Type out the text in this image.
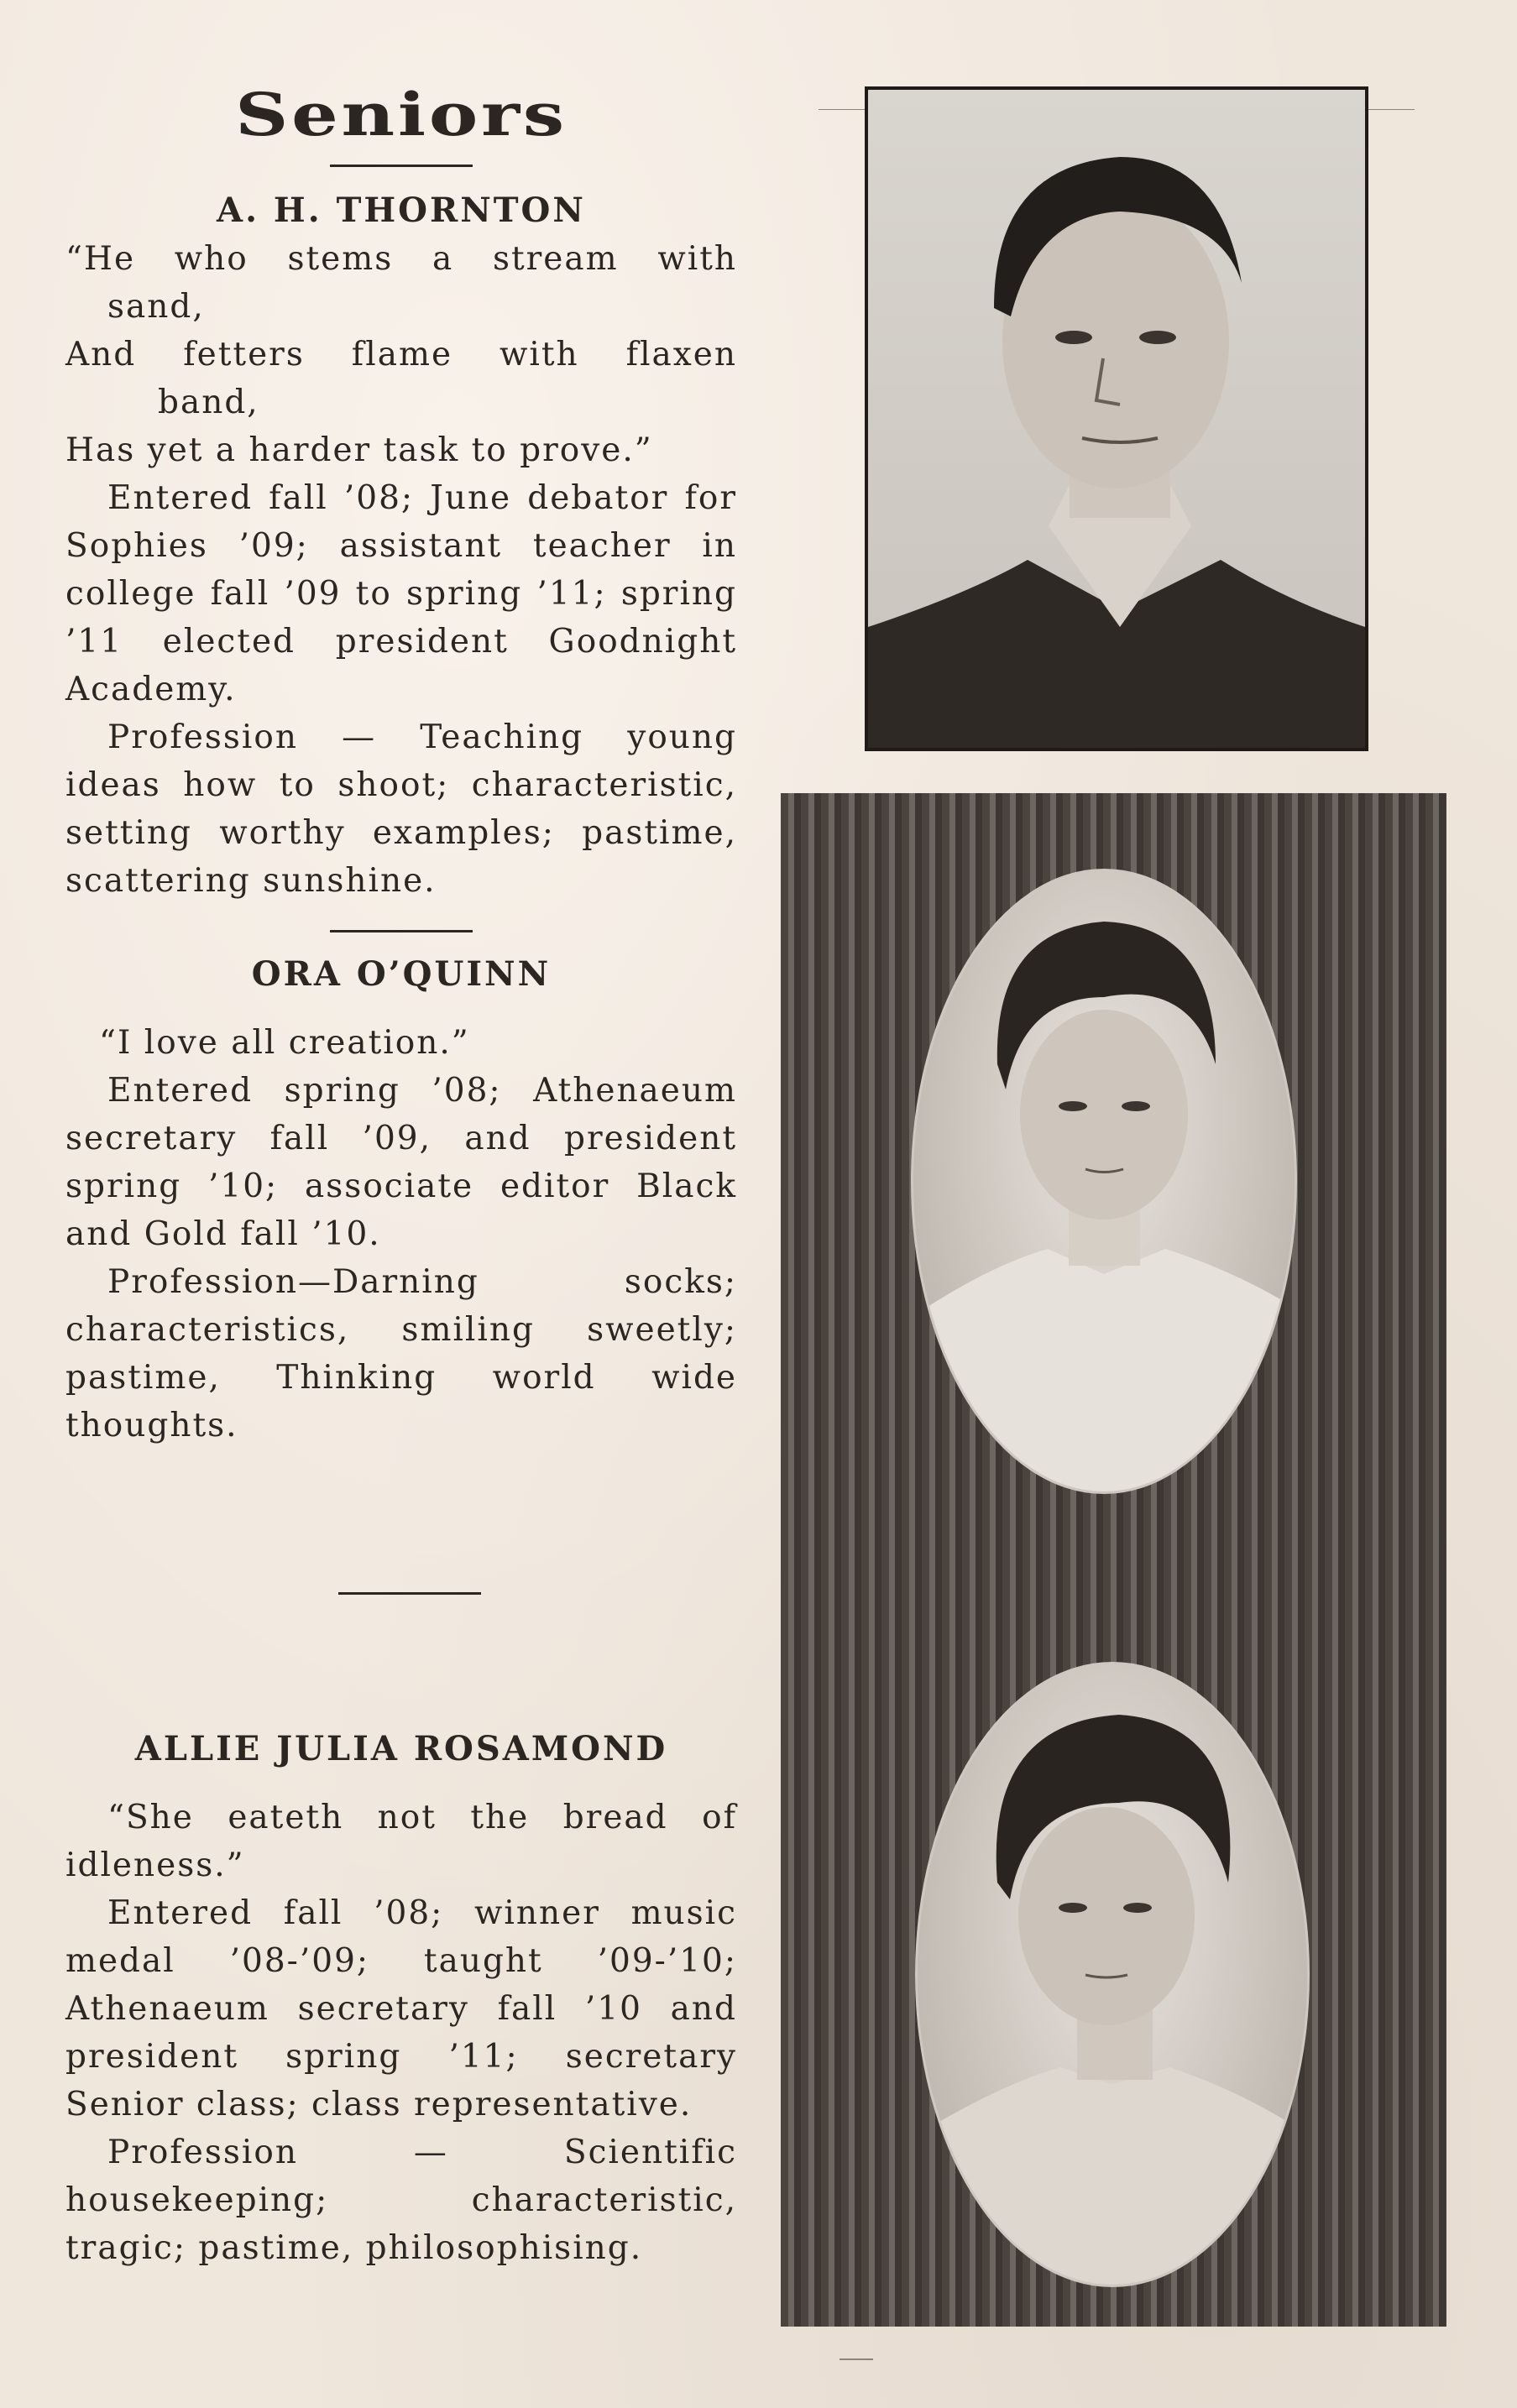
Seniors

A. H. THORNTON

“He who stems a stream with

sand,

And fetters flame with flaxen

band,

Has yet a harder task to prove.”

Entered fall ’08; June debator for Sophies ’09; assistant teacher in college fall ’09 to spring ’11; spring ’11 elected president Goodnight Academy.

Profession — Teaching young ideas how to shoot; characteristic, setting worthy examples; pastime, scattering sunshine.

ORA O’QUINN

“I love all creation.”

Entered spring ’08; Athenaeum secretary fall ’09, and president spring ’10; associate editor Black and Gold fall ’10.

Profession—Darning socks; characteristics, smiling sweetly; pastime, Thinking world wide thoughts.

ALLIE JULIA ROSAMOND

“She eateth not the bread of idleness.”

Entered fall ’08; winner music medal ’08-’09; taught ’09-’10; Athenaeum secretary fall ’10 and president spring ’11; secretary Senior class; class representative.

Profession — Scientific housekeeping; characteristic, tragic; pastime, philosophising.
